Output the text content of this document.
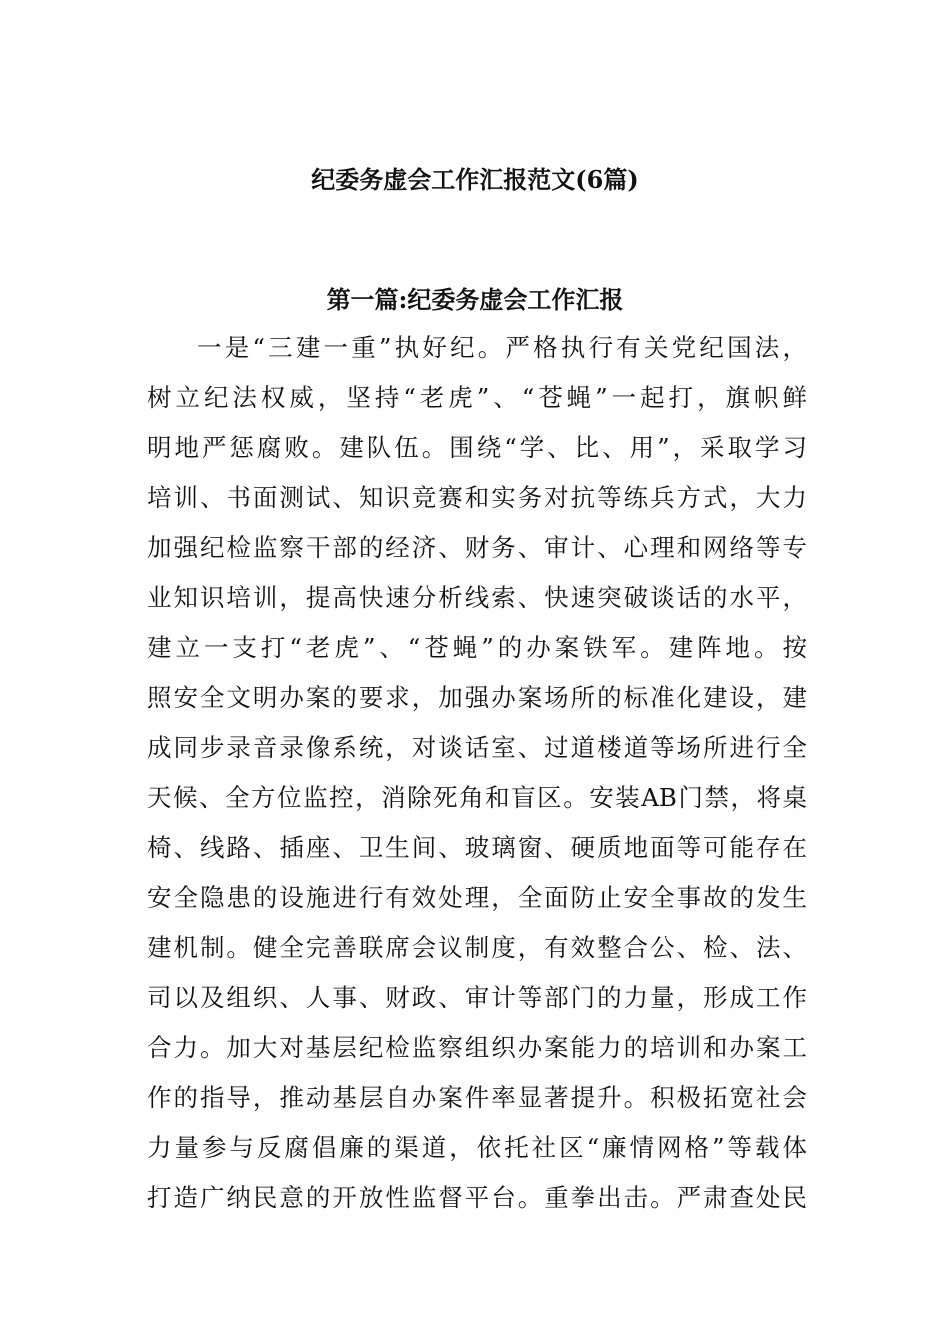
纪委务虚会工作汇报范文(6篇)
第一篇:纪委务虚会工作汇报
一是“三建一重”执好纪。严格执行有关党纪国法，
树立纪法权威，坚持“老虎”、“苍蝇”一起打，旗帜鲜
明地严惩腐败。建队伍。围绕“学、比、用”，采取学习
培训、书面测试、知识竞赛和实务对抗等练兵方式，大力
加强纪检监察干部的经济、财务、审计、心理和网络等专
业知识培训，提高快速分析线索、快速突破谈话的水平，
建立一支打“老虎”、“苍蝇”的办案铁军。建阵地。按
照安全文明办案的要求，加强办案场所的标准化建设，建
成同步录音录像系统，对谈话室、过道楼道等场所进行全
天候、全方位监控，消除死角和盲区。安装AB门禁，将桌
椅、线路、插座、卫生间、玻璃窗、硬质地面等可能存在
安全隐患的设施进行有效处理，全面防止安全事故的发生
建机制。健全完善联席会议制度，有效整合公、检、法、
司以及组织、人事、财政、审计等部门的力量，形成工作
合力。加大对基层纪检监察组织办案能力的培训和办案工
作的指导，推动基层自办案件率显著提升。积极拓宽社会
力量参与反腐倡廉的渠道，依托社区“廉情网格”等载体
打造广纳民意的开放性监督平台。重拳出击。严肃查处民
